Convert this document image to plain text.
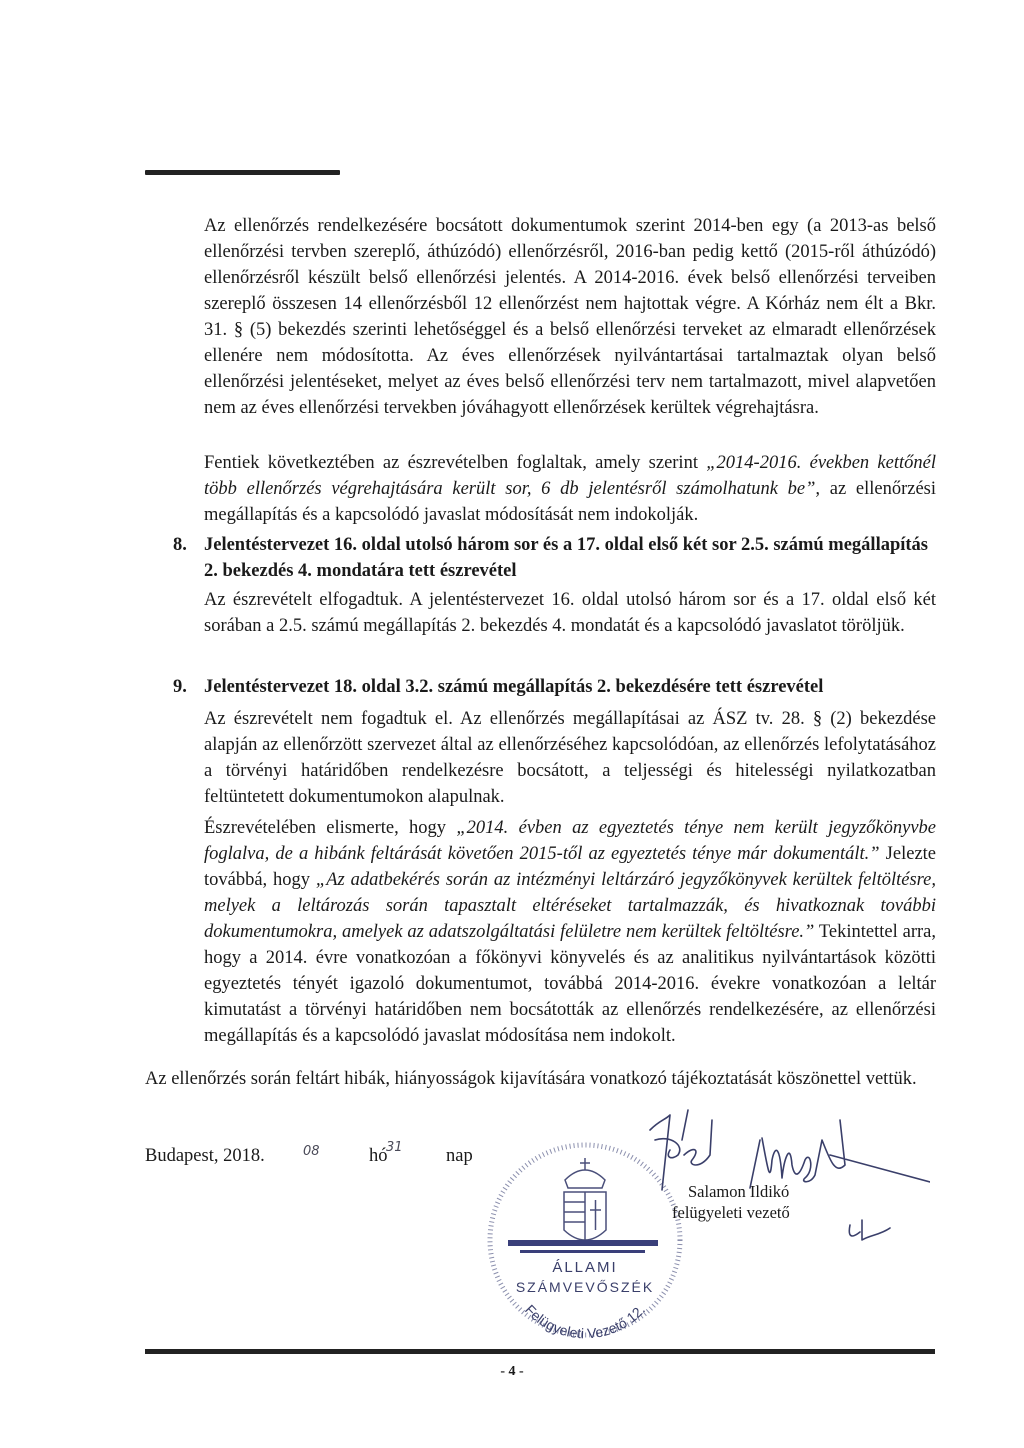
Az ellenőrzés rendelkezésére bocsátott dokumentumok szerint 2014-ben egy (a 2013-as belső ellenőrzési tervben szereplő, áthúzódó) ellenőrzésről, 2016-ban pedig kettő (2015-ről áthúzódó) ellenőrzésről készült belső ellenőrzési jelentés. A 2014-2016. évek belső ellenőrzési terveiben szereplő összesen 14 ellenőrzésből 12 ellenőrzést nem hajtottak végre. A Kórház nem élt a Bkr. 31. § (5) bekezdés szerinti lehetőséggel és a belső ellenőrzési terveket az elmaradt ellenőrzések ellenére nem módosította. Az éves ellenőrzések nyilvántartásai tartalmaztak olyan belső ellenőrzési jelentéseket, melyet az éves belső ellenőrzési terv nem tartalmazott, mivel alapvetően nem az éves ellenőrzési tervekben jóváhagyott ellenőrzések kerültek végrehajtásra.

Fentiek következtében az észrevételben foglaltak, amely szerint „2014-2016. években kettőnél több ellenőrzés végrehajtására került sor, 6 db jelentésről számolhatunk be”, az ellenőrzési megállapítás és a kapcsolódó javaslat módosítását nem indokolják.

8. Jelentéstervezet 16. oldal utolsó három sor és a 17. oldal első két sor 2.5. számú megállapítás 2. bekezdés 4. mondatára tett észrevétel

Az észrevételt elfogadtuk. A jelentéstervezet 16. oldal utolsó három sor és a 17. oldal első két sorában a 2.5. számú megállapítás 2. bekezdés 4. mondatát és a kapcsolódó javaslatot töröljük.

9. Jelentéstervezet 18. oldal 3.2. számú megállapítás 2. bekezdésére tett észrevétel

Az észrevételt nem fogadtuk el. Az ellenőrzés megállapításai az ÁSZ tv. 28. § (2) bekezdése alapján az ellenőrzött szervezet által az ellenőrzéséhez kapcsolódóan, az ellenőrzés lefolytatásához a törvényi határidőben rendelkezésre bocsátott, a teljességi és hitelességi nyilatkozatban feltüntetett dokumentumokon alapulnak.

Észrevételében elismerte, hogy „2014. évben az egyeztetés ténye nem került jegyzőkönyvbe foglalva, de a hibánk feltárását követően 2015-től az egyeztetés ténye már dokumentált.” Jelezte továbbá, hogy „Az adatbekérés során az intézményi leltárzáró jegyzőkönyvek kerültek feltöltésre, melyek a leltározás során tapasztalt eltéréseket tartalmazzák, és hivatkoznak további dokumentumokra, amelyek az adatszolgáltatási felületre nem kerültek feltöltésre.” Tekintettel arra, hogy a 2014. évre vonatkozóan a főkönyvi könyvelés és az analitikus nyilvántartások közötti egyeztetés tényét igazoló dokumentumot, továbbá 2014-2016. évekre vonatkozóan a leltár kimutatást a törvényi határidőben nem bocsátották az ellenőrzés rendelkezésére, az ellenőrzési megállapítás és a kapcsolódó javaslat módosítása nem indokolt.

Az ellenőrzés során feltárt hibák, hiányosságok kijavítására vonatkozó tájékoztatását köszönettel vettük.

Budapest, 2018.	08	hó
31 nap
ÁLLAMI
SZÁMVEVŐSZÉK
Felügyeleti Vezető 12.
Salamon Ildikó
felügyeleti vezető
- 4 -
